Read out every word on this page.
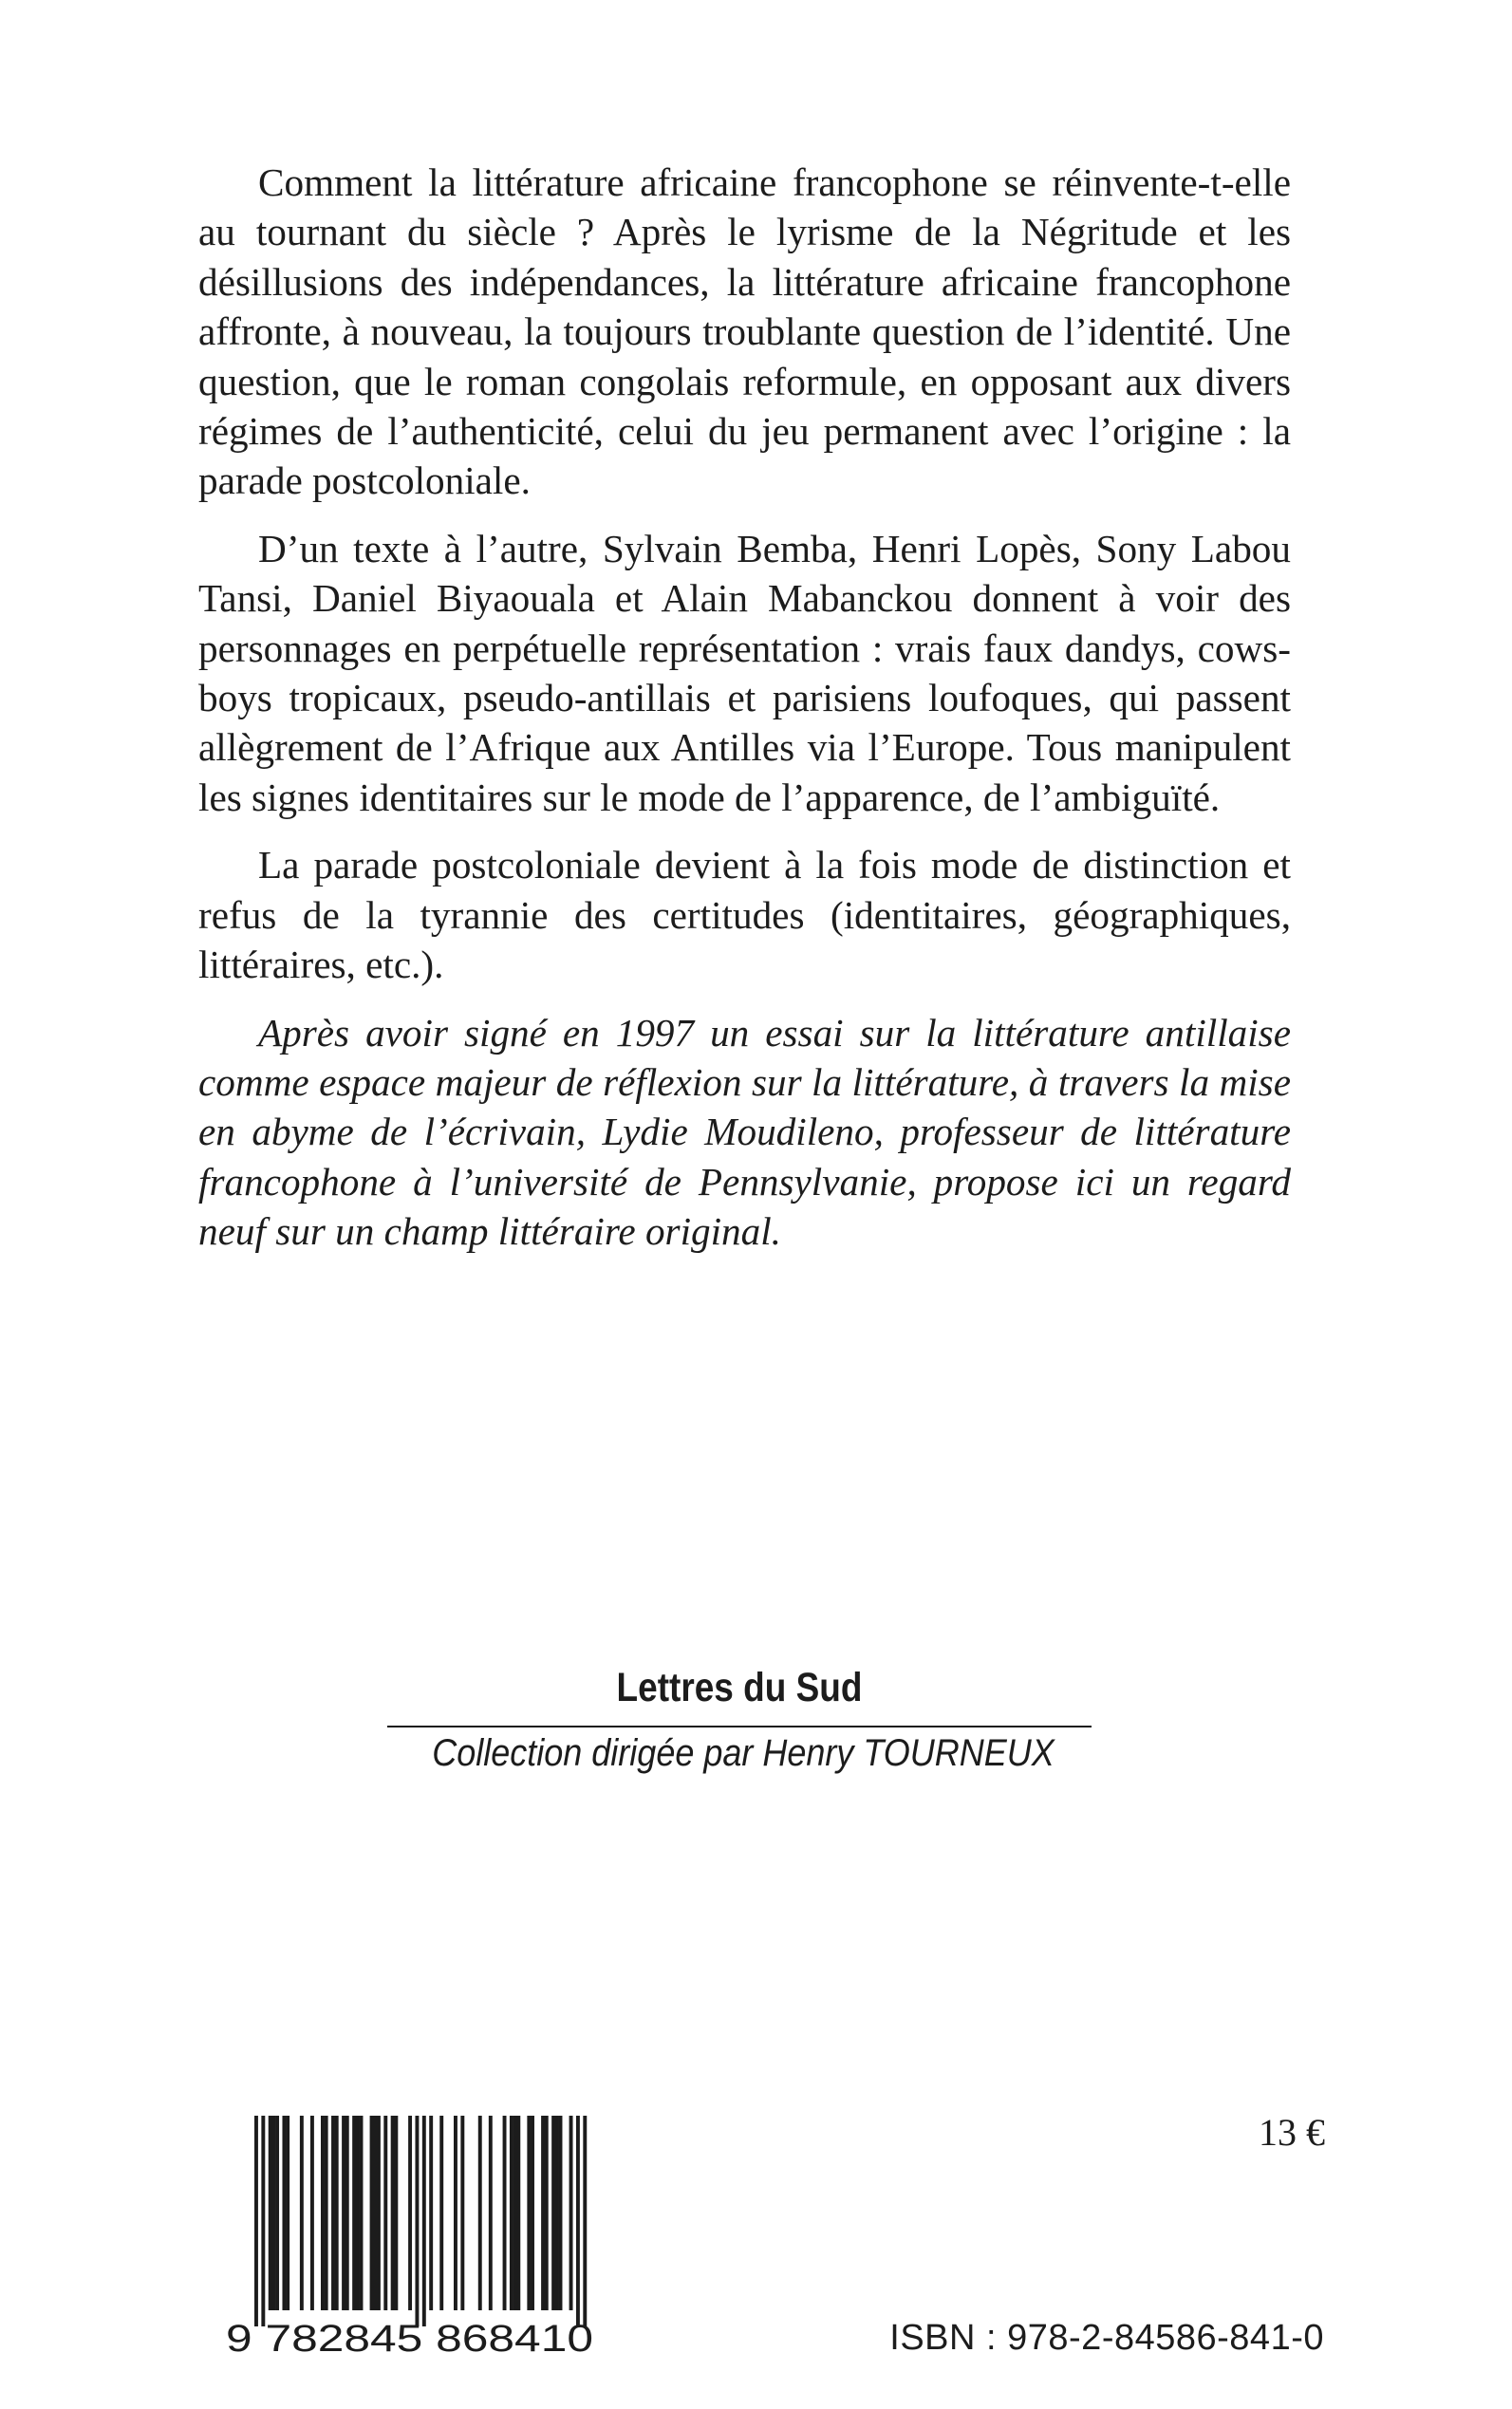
Comment la littérature africaine francophone se réinvente-t-elle au tournant du siècle ? Après le lyrisme de la Négritude et les désillusions des indépendances, la littérature africaine francophone affronte, à nouveau, la toujours troublante question de l’identité. Une question, que le roman congolais reformule, en opposant aux divers régimes de l’authenticité, celui du jeu permanent avec l’origine : la parade postcoloniale.

D’un texte à l’autre, Sylvain Bemba, Henri Lopès, Sony Labou Tansi, Daniel Biyaouala et Alain Mabanckou donnent à voir des personnages en perpétuelle représentation : vrais faux dandys, cows-boys tropicaux, pseudo-antillais et parisiens loufoques, qui passent allègrement de l’Afrique aux Antilles via l’Europe. Tous manipulent les signes identitaires sur le mode de l’apparence, de l’ambiguïté.

La parade postcoloniale devient à la fois mode de distinction et refus de la tyrannie des certitudes (identitaires, géographiques, littéraires, etc.).

Après avoir signé en 1997 un essai sur la littérature antillaise comme espace majeur de réflexion sur la littérature, à travers la mise en abyme de l’écrivain, Lydie Moudileno, professeur de littérature francophone à l’université de Pennsylvanie, propose ici un regard neuf sur un champ littéraire original.

Lettres du Sud
Collection dirigée par Henry TOURNEUX
13 €
9 782845 868410	ISBN : 978-2-84586-841-0
